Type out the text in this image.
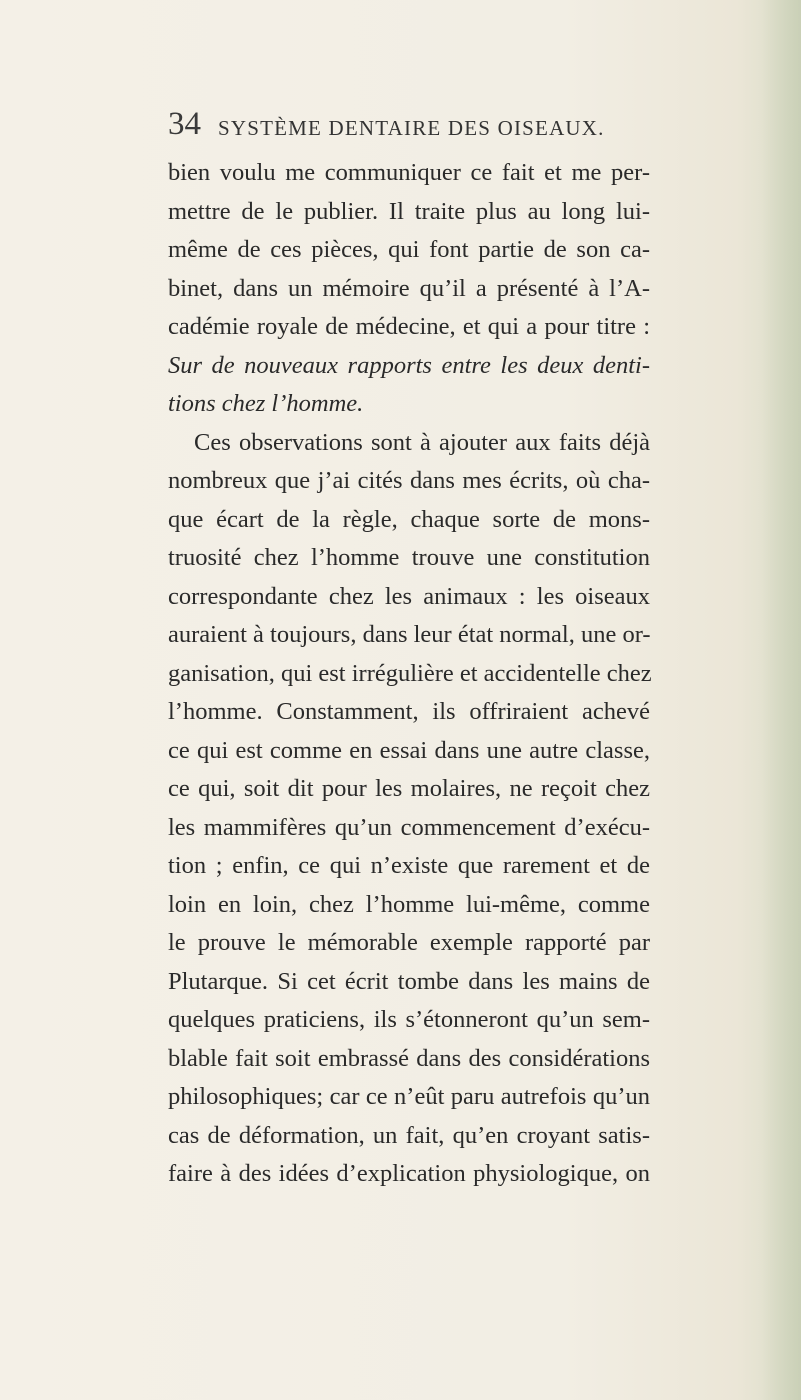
34 SYSTÈME DENTAIRE DES OISEAUX.
bien voulu me communiquer ce fait et me per-
mettre de le publier. Il traite plus au long lui-
même de ces pièces, qui font partie de son ca-
binet, dans un mémoire qu’il a présenté à l’A-
cadémie royale de médecine, et qui a pour titre :
Sur de nouveaux rapports entre les deux denti-
tions chez l’homme.
Ces observations sont à ajouter aux faits déjà
nombreux que j’ai cités dans mes écrits, où cha-
que écart de la règle, chaque sorte de mons-
truosité chez l’homme trouve une constitution
correspondante chez les animaux : les oiseaux
auraient à toujours, dans leur état normal, une or-
ganisation, qui est irrégulière et accidentelle chez
l’homme. Constamment, ils offriraient achevé
ce qui est comme en essai dans une autre classe,
ce qui, soit dit pour les molaires, ne reçoit chez
les mammifères qu’un commencement d’exécu-
tion ; enfin, ce qui n’existe que rarement et de
loin en loin, chez l’homme lui-même, comme
le prouve le mémorable exemple rapporté par
Plutarque. Si cet écrit tombe dans les mains de
quelques praticiens, ils s’étonneront qu’un sem-
blable fait soit embrassé dans des considérations
philosophiques; car ce n’eût paru autrefois qu’un
cas de déformation, un fait, qu’en croyant satis-
faire à des idées d’explication physiologique, on
